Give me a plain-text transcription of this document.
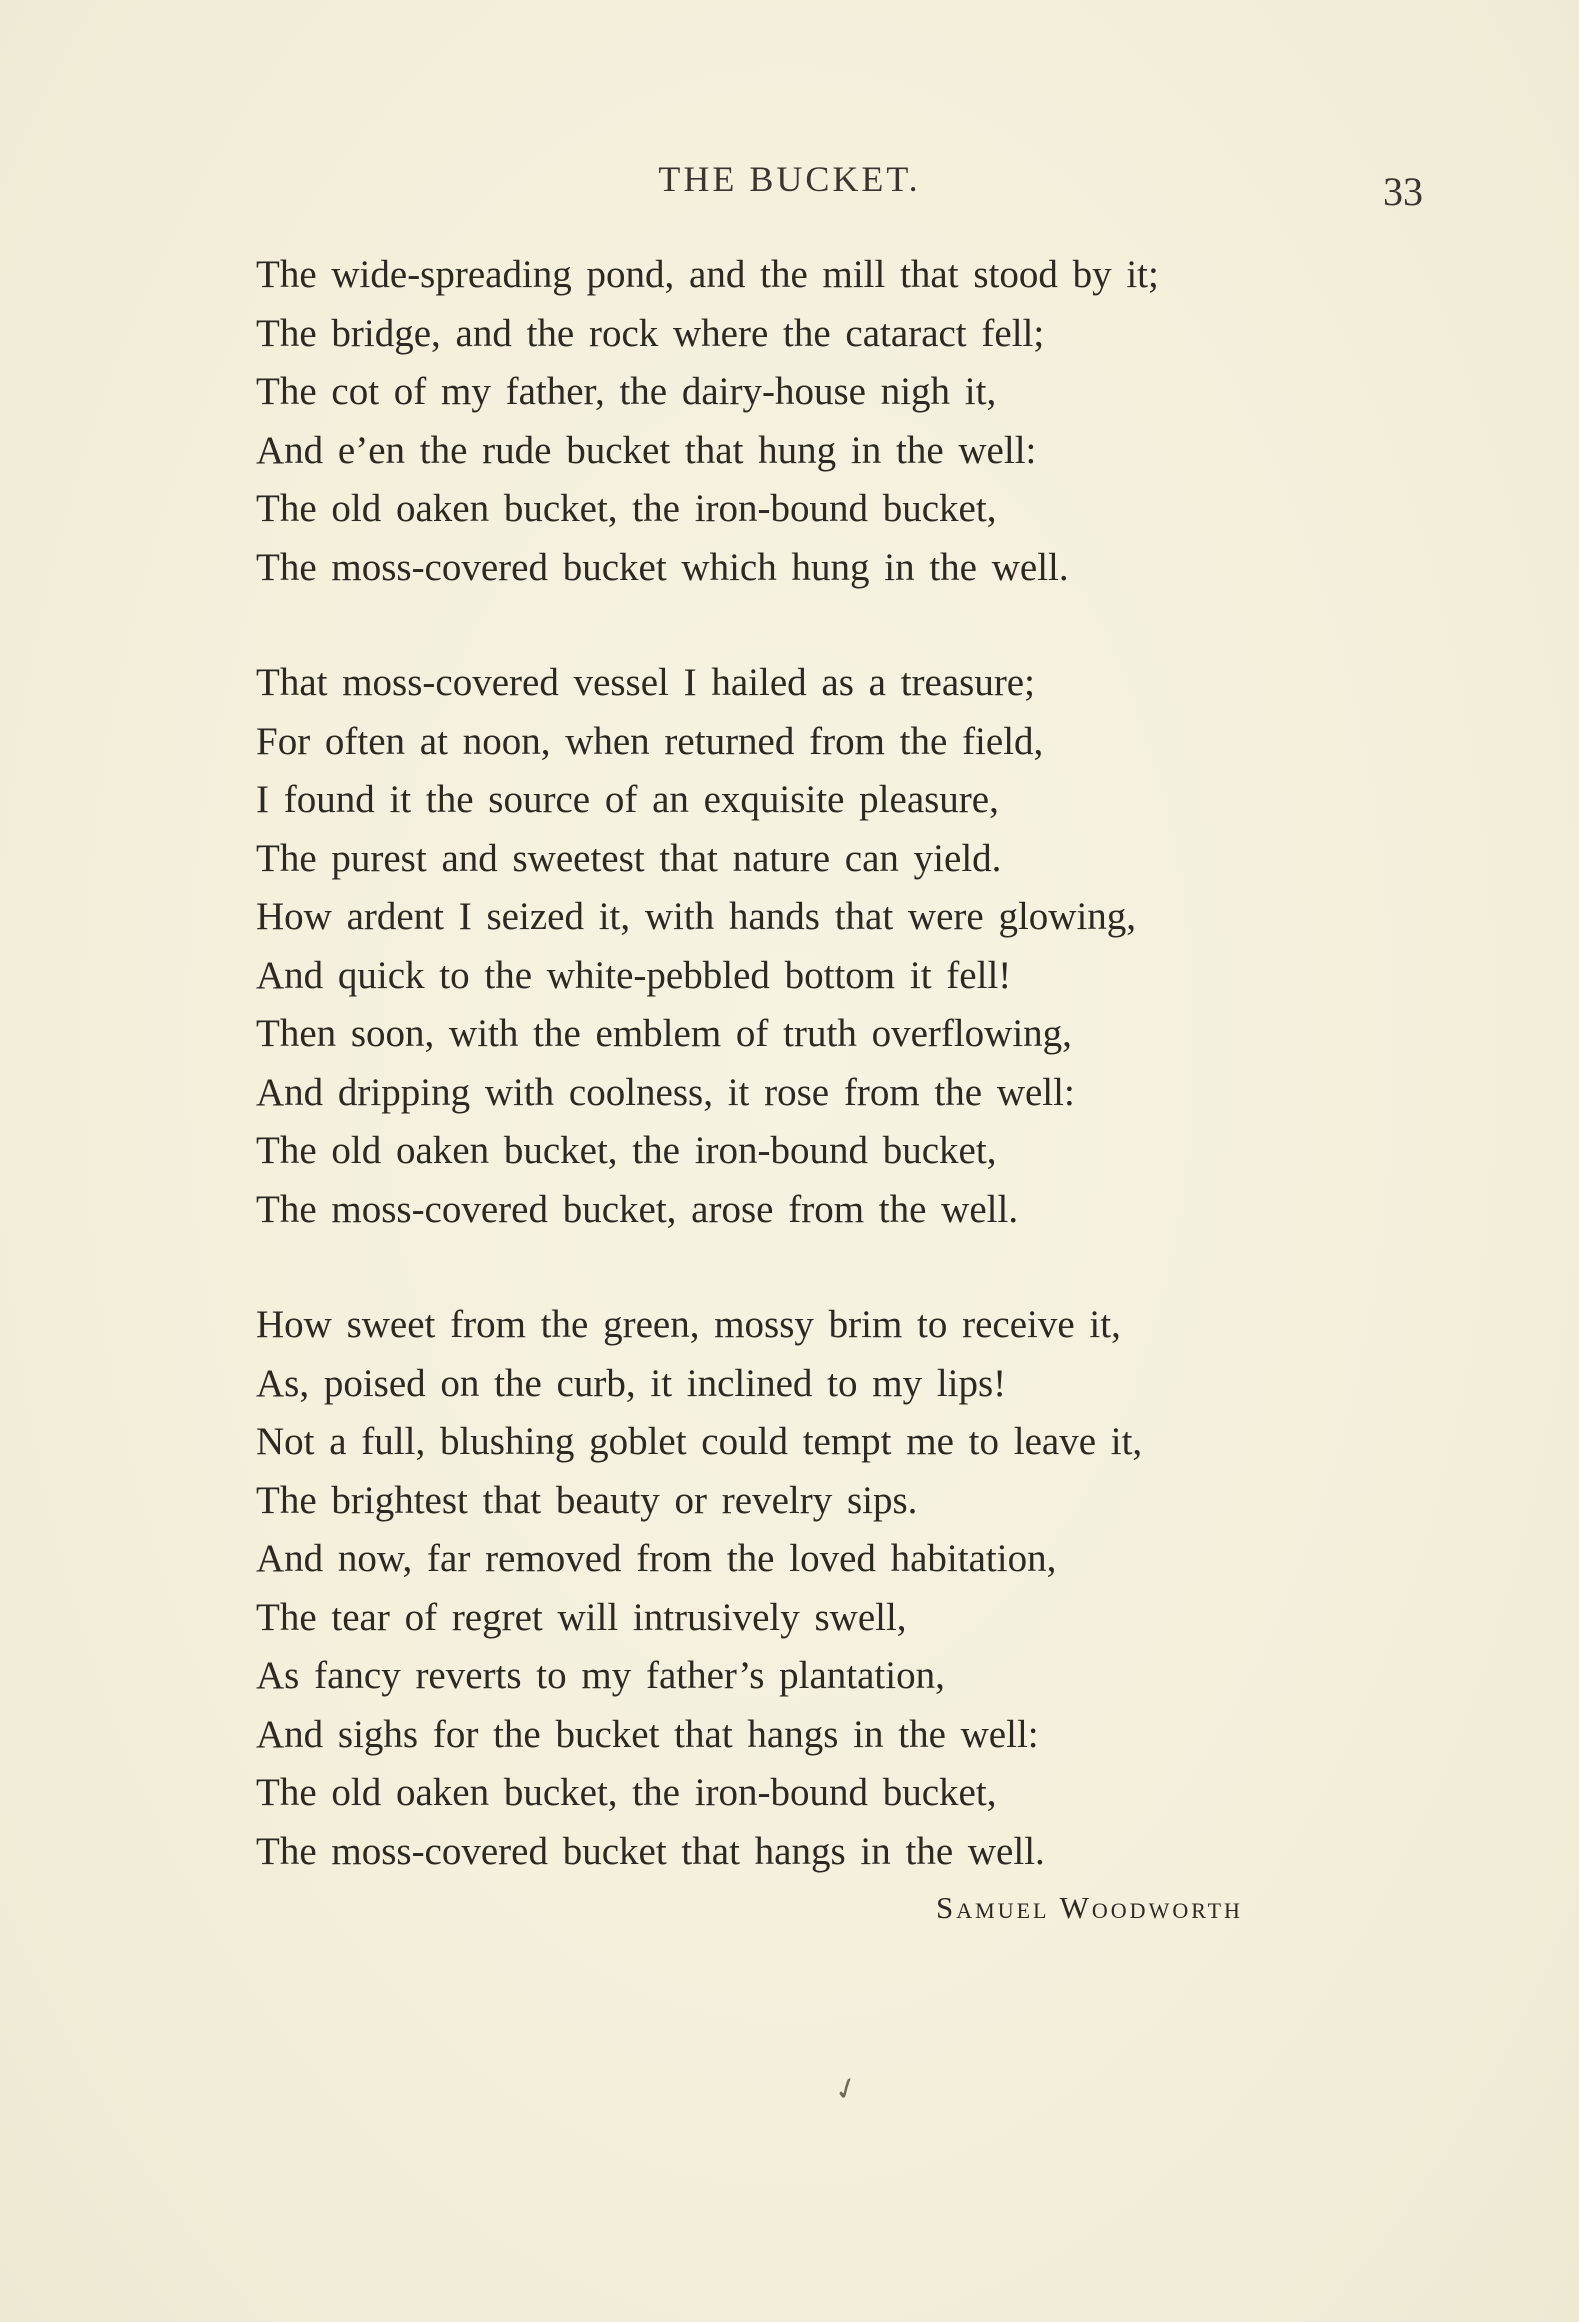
THE BUCKET.	33
The wide-spreading pond, and the mill that stood by it;
The bridge, and the rock where the cataract fell;
The cot of my father, the dairy-house nigh it,
And e’en the rude bucket that hung in the well:
The old oaken bucket, the iron-bound bucket,
The moss-covered bucket which hung in the well.
That moss-covered vessel I hailed as a treasure;
For often at noon, when returned from the field,
I found it the source of an exquisite pleasure,
The purest and sweetest that nature can yield.
How ardent I seized it, with hands that were glowing,
And quick to the white-pebbled bottom it fell!
Then soon, with the emblem of truth overflowing,
And dripping with coolness, it rose from the well:
The old oaken bucket, the iron-bound bucket,
The moss-covered bucket, arose from the well.
How sweet from the green, mossy brim to receive it,
As, poised on the curb, it inclined to my lips!
Not a full, blushing goblet could tempt me to leave it,
The brightest that beauty or revelry sips.
And now, far removed from the loved habitation,
The tear of regret will intrusively swell,
As fancy reverts to my father’s plantation,
And sighs for the bucket that hangs in the well:
The old oaken bucket, the iron-bound bucket,
The moss-covered bucket that hangs in the well.
Samuel Woodworth
✓
